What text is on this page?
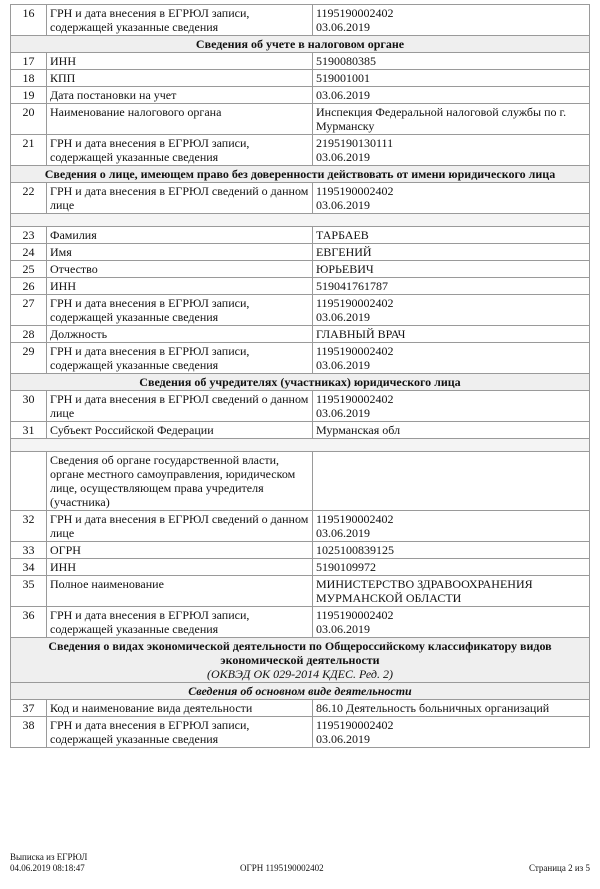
16	ГРН и дата внесения в ЕГРЮЛ записи, содержащей указанные сведения	1195190002402
03.06.2019
Сведения об учете в налоговом органе		
17	ИНН	5190080385
18	КПП	519001001
19	Дата постановки на учет	03.06.2019
20	Наименование налогового органа	Инспекция Федеральной налоговой службы по г. Мурманску
21	ГРН и дата внесения в ЕГРЮЛ записи, содержащей указанные сведения	2195190130111
03.06.2019
Сведения о лице, имеющем право без доверенности действовать от имени юридического лица		
22	ГРН и дата внесения в ЕГРЮЛ сведений о данном лице	1195190002402
03.06.2019

23	Фамилия	ТАРБАЕВ
24	Имя	ЕВГЕНИЙ
25	Отчество	ЮРЬЕВИЧ
26	ИНН	519041761787
27	ГРН и дата внесения в ЕГРЮЛ записи, содержащей указанные сведения	1195190002402
03.06.2019
28	Должность	ГЛАВНЫЙ ВРАЧ
29	ГРН и дата внесения в ЕГРЮЛ записи, содержащей указанные сведения	1195190002402
03.06.2019
Сведения об учредителях (участниках) юридического лица		
30	ГРН и дата внесения в ЕГРЮЛ сведений о данном лице	1195190002402
03.06.2019
31	Субъект Российской Федерации	Мурманская обл

	Сведения об органе государственной власти, органе местного самоуправления, юридическом лице, осуществляющем права учредителя (участника)	
32	ГРН и дата внесения в ЕГРЮЛ сведений о данном лице	1195190002402
03.06.2019
33	ОГРН	1025100839125
34	ИНН	5190109972
35	Полное наименование	МИНИСТЕРСТВО ЗДРАВООХРАНЕНИЯ МУРМАНСКОЙ ОБЛАСТИ
36	ГРН и дата внесения в ЕГРЮЛ записи, содержащей указанные сведения	1195190002402
03.06.2019
Сведения о видах экономической деятельности по Общероссийскому классификатору видов экономической деятельности
(ОКВЭД ОК 029-2014 КДЕС. Ред. 2)		

Сведения об основном виде деятельности		
37	Код и наименование вида деятельности	86.10 Деятельность больничных организаций
38	ГРН и дата внесения в ЕГРЮЛ записи, содержащей указанные сведения	1195190002402
03.06.2019
Выписка из ЕГРЮЛ
04.06.2019 08:18:47	ОГРН 1195190002402	Страница 2 из 5
